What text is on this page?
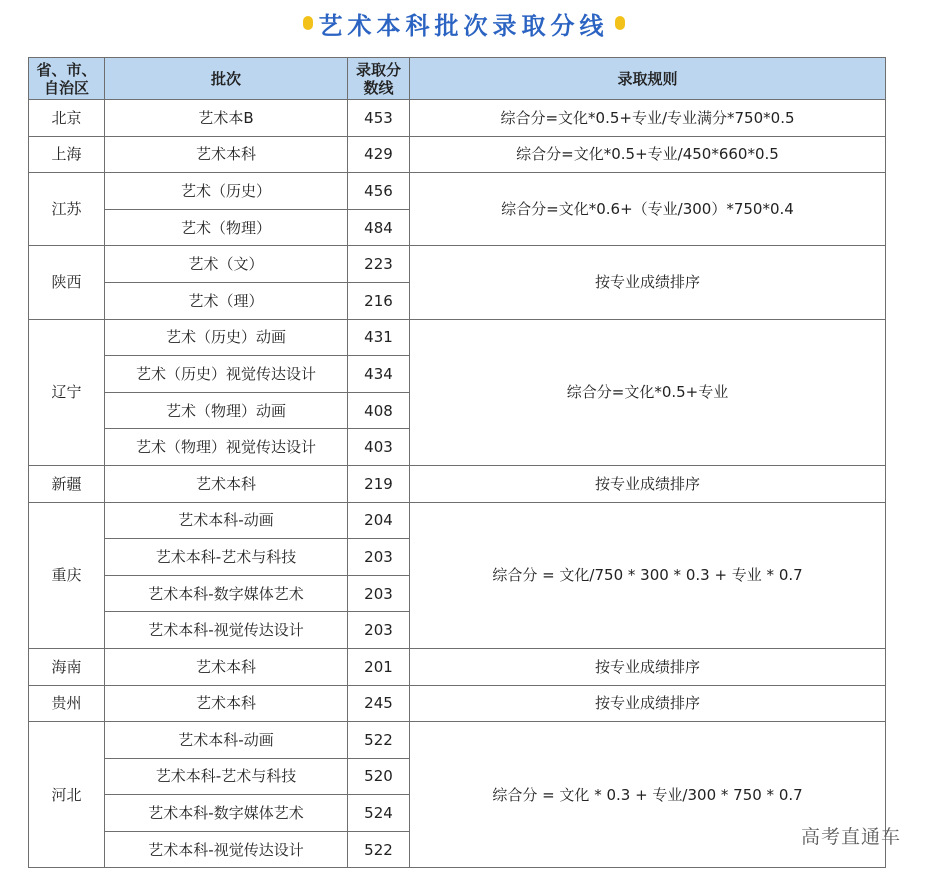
艺术本科批次录取分线
省、市、自治区	批次	录取分数线	录取规则
北京	艺术本B	453	综合分=文化*0.5+专业/专业满分*750*0.5
上海	艺术本科	429	综合分=文化*0.5+专业/450*660*0.5
江苏	艺术（历史）	456	综合分=文化*0.6+（专业/300）*750*0.4
	艺术（物理）	484	
陕西	艺术（文）	223	按专业成绩排序
	艺术（理）	216	
辽宁	艺术（历史）动画	431	综合分=文化*0.5+专业
	艺术（历史）视觉传达设计	434	
	艺术（物理）动画	408	
	艺术（物理）视觉传达设计	403	
新疆	艺术本科	219	按专业成绩排序
重庆	艺术本科-动画	204	综合分 = 文化/750 * 300 * 0.3 + 专业 * 0.7
	艺术本科-艺术与科技	203	
	艺术本科-数字媒体艺术	203	
	艺术本科-视觉传达设计	203	
海南	艺术本科	201	按专业成绩排序
贵州	艺术本科	245	按专业成绩排序
河北	艺术本科-动画	522	综合分 = 文化 * 0.3 + 专业/300 * 750 * 0.7
	艺术本科-艺术与科技	520	
	艺术本科-数字媒体艺术	524	
	艺术本科-视觉传达设计	522	
高考直通车
